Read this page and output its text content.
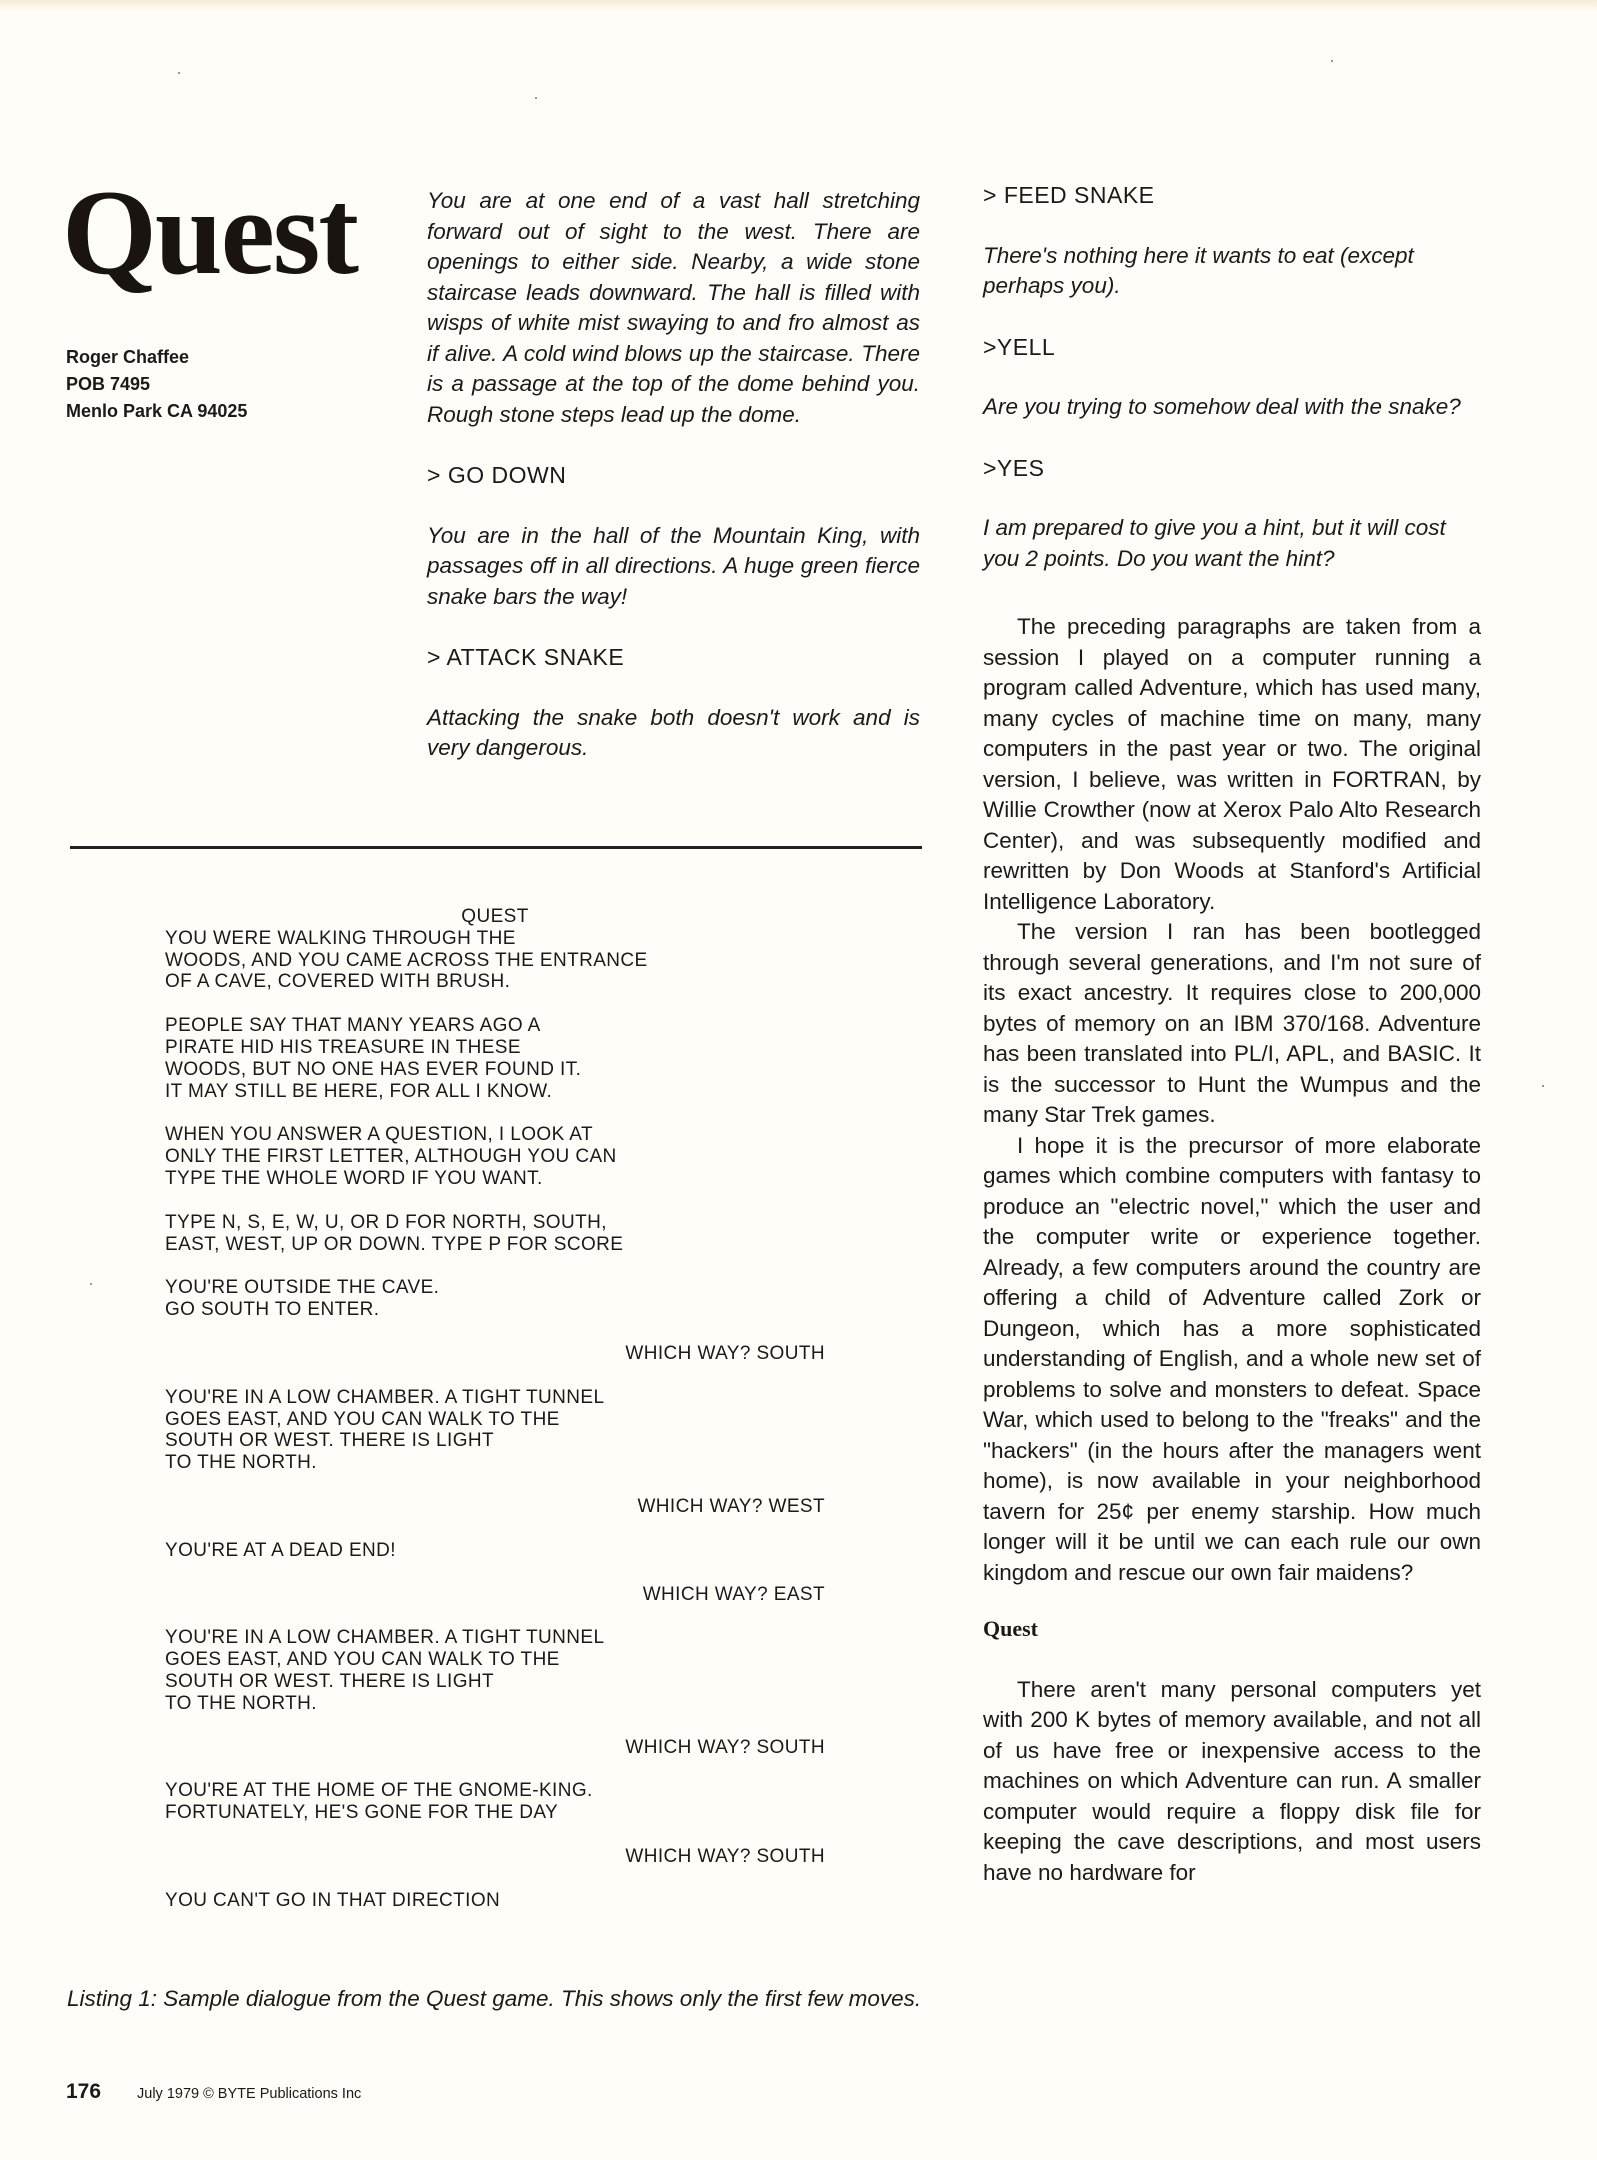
Quest
Roger Chaffee
POB 7495
Menlo Park CA 94025

You are at one end of a vast hall stretching forward out of sight to the west. There are openings to either side. Nearby, a wide stone staircase leads downward. The hall is filled with wisps of white mist swaying to and fro almost as if alive. A cold wind blows up the staircase. There is a passage at the top of the dome behind you. Rough stone steps lead up the dome.

> GO DOWN

You are in the hall of the Mountain King, with passages off in all directions. A huge green fierce snake bars the way!

> ATTACK SNAKE

Attacking the snake both doesn't work and is very dangerous.

> FEED SNAKE

There's nothing here it wants to eat (except perhaps you).

>YELL

Are you trying to somehow deal with the snake?

>YES

I am prepared to give you a hint, but it will cost you 2 points. Do you want the hint?

The preceding paragraphs are taken from a session I played on a computer running a program called Adventure, which has used many, many cycles of machine time on many, many computers in the past year or two. The original version, I believe, was written in FORTRAN, by Willie Crowther (now at Xerox Palo Alto Research Center), and was subsequently modified and rewritten by Don Woods at Stanford's Artificial Intelligence Laboratory.

The version I ran has been bootlegged through several generations, and I'm not sure of its exact ancestry. It requires close to 200,000 bytes of memory on an IBM 370/168. Adventure has been translated into PL/I, APL, and BASIC. It is the successor to Hunt the Wumpus and the many Star Trek games.

I hope it is the precursor of more elaborate games which combine computers with fantasy to produce an "electric novel," which the user and the computer write or experience together. Already, a few computers around the country are offering a child of Adventure called Zork or Dungeon, which has a more sophisticated understanding of English, and a whole new set of problems to solve and monsters to defeat. Space War, which used to belong to the "freaks" and the "hackers" (in the hours after the managers went home), is now available in your neighborhood tavern for 25¢ per enemy starship. How much longer will it be until we can each rule our own kingdom and rescue our own fair maidens?

Quest

There aren't many personal computers yet with 200 K bytes of memory available, and not all of us have free or inexpensive access to the machines on which Adventure can run. A smaller computer would require a floppy disk file for keeping the cave descriptions, and most users have no hardware for

QUEST

YOU WERE WALKING THROUGH THE

WOODS, AND YOU CAME ACROSS THE ENTRANCE

OF A CAVE, COVERED WITH BRUSH.

PEOPLE SAY THAT MANY YEARS AGO A

PIRATE HID HIS TREASURE IN THESE

WOODS, BUT NO ONE HAS EVER FOUND IT.

IT MAY STILL BE HERE, FOR ALL I KNOW.

WHEN YOU ANSWER A QUESTION, I LOOK AT

ONLY THE FIRST LETTER, ALTHOUGH YOU CAN

TYPE THE WHOLE WORD IF YOU WANT.

TYPE N, S, E, W, U, OR D FOR NORTH, SOUTH,

EAST, WEST, UP OR DOWN. TYPE P FOR SCORE

YOU'RE OUTSIDE THE CAVE.

GO SOUTH TO ENTER.

WHICH WAY? SOUTH

YOU'RE IN A LOW CHAMBER. A TIGHT TUNNEL

GOES EAST, AND YOU CAN WALK TO THE

SOUTH OR WEST. THERE IS LIGHT

TO THE NORTH.

WHICH WAY? WEST

YOU'RE AT A DEAD END!

WHICH WAY? EAST

YOU'RE IN A LOW CHAMBER. A TIGHT TUNNEL

GOES EAST, AND YOU CAN WALK TO THE

SOUTH OR WEST. THERE IS LIGHT

TO THE NORTH.

WHICH WAY? SOUTH

YOU'RE AT THE HOME OF THE GNOME-KING.

FORTUNATELY, HE'S GONE FOR THE DAY

WHICH WAY? SOUTH

YOU CAN'T GO IN THAT DIRECTION

Listing 1: Sample dialogue from the Quest game. This shows only the first few moves.

176 July 1979 © BYTE Publications Inc
